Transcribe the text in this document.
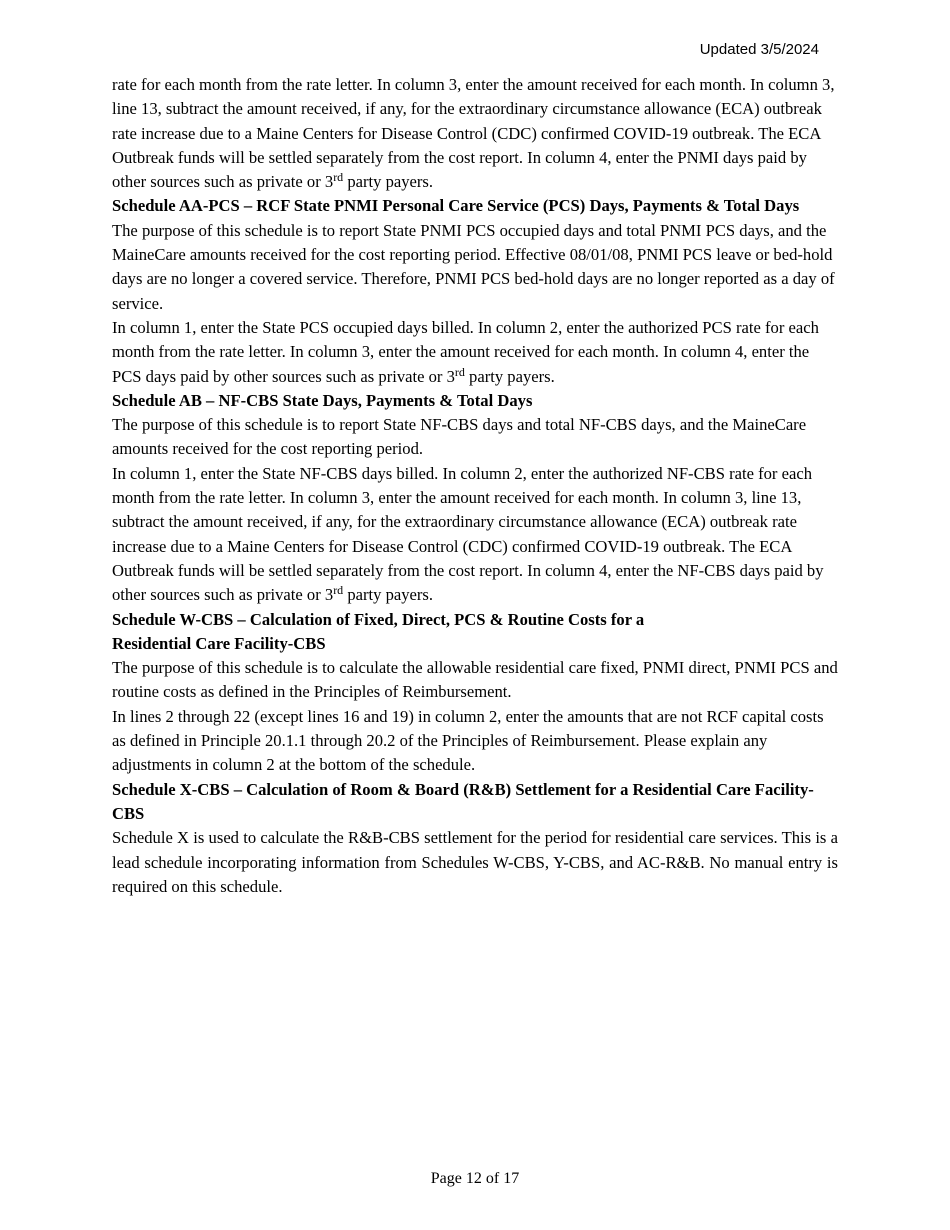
Updated 3/5/2024

rate for each month from the rate letter. In column 3, enter the amount received for each month. In column 3, line 13, subtract the amount received, if any, for the extraordinary circumstance allowance (ECA) outbreak rate increase due to a Maine Centers for Disease Control (CDC) confirmed COVID-19 outbreak. The ECA Outbreak funds will be settled separately from the cost report. In column 4, enter the PNMI days paid by other sources such as private or 3rd party payers.

Schedule AA-PCS – RCF State PNMI Personal Care Service (PCS) Days, Payments & Total Days

The purpose of this schedule is to report State PNMI PCS occupied days and total PNMI PCS days, and the MaineCare amounts received for the cost reporting period. Effective 08/01/08, PNMI PCS leave or bed-hold days are no longer a covered service. Therefore, PNMI PCS bed-hold days are no longer reported as a day of service.

In column 1, enter the State PCS occupied days billed. In column 2, enter the authorized PCS rate for each month from the rate letter. In column 3, enter the amount received for each month. In column 4, enter the PCS days paid by other sources such as private or 3rd party payers.

Schedule AB – NF-CBS State Days, Payments & Total Days

The purpose of this schedule is to report State NF-CBS days and total NF-CBS days, and the MaineCare amounts received for the cost reporting period.

In column 1, enter the State NF-CBS days billed. In column 2, enter the authorized NF-CBS rate for each month from the rate letter. In column 3, enter the amount received for each month. In column 3, line 13, subtract the amount received, if any, for the extraordinary circumstance allowance (ECA) outbreak rate increase due to a Maine Centers for Disease Control (CDC) confirmed COVID-19 outbreak. The ECA Outbreak funds will be settled separately from the cost report. In column 4, enter the NF-CBS days paid by other sources such as private or 3rd party payers.

Schedule W-CBS – Calculation of Fixed, Direct, PCS & Routine Costs for a
Residential Care Facility-CBS

The purpose of this schedule is to calculate the allowable residential care fixed, PNMI direct, PNMI PCS and routine costs as defined in the Principles of Reimbursement.

In lines 2 through 22 (except lines 16 and 19) in column 2, enter the amounts that are not RCF capital costs as defined in Principle 20.1.1 through 20.2 of the Principles of Reimbursement. Please explain any adjustments in column 2 at the bottom of the schedule.

Schedule X-CBS – Calculation of Room & Board (R&B) Settlement for a Residential Care Facility- CBS

Schedule X is used to calculate the R&B-CBS settlement for the period for residential care services. This is a lead schedule incorporating information from Schedules W-CBS, Y-CBS, and AC-R&B. No manual entry is required on this schedule.

Page 12 of 17
